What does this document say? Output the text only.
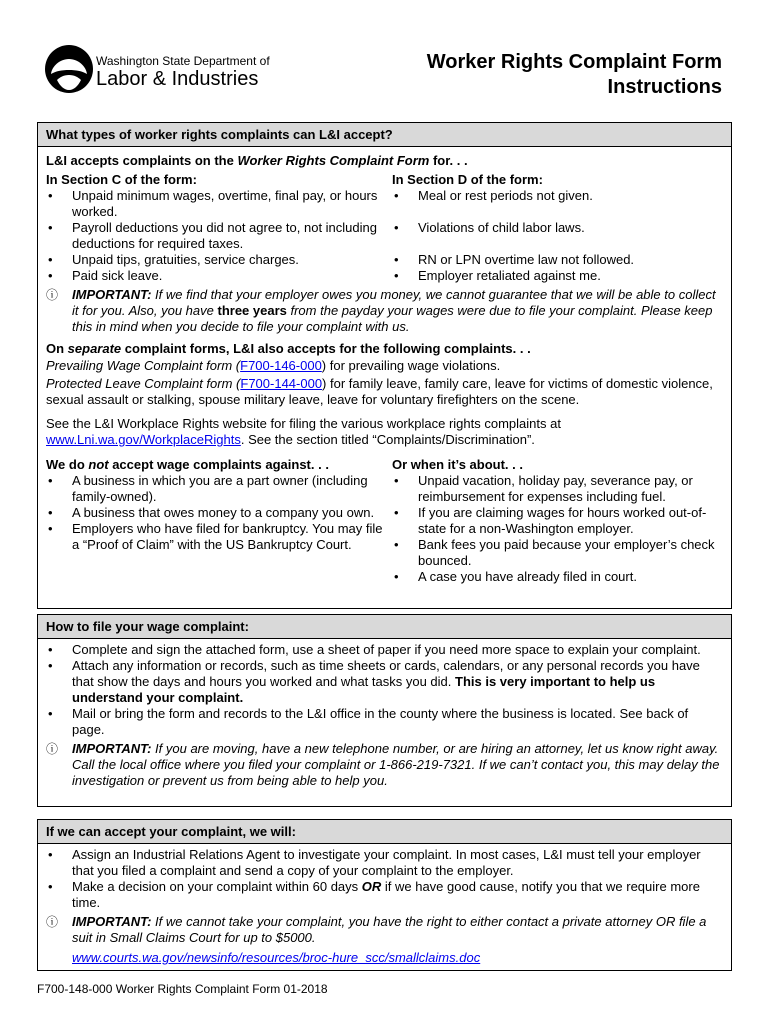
Washington State Department of
Labor & Industries
Worker Rights Complaint Form
Instructions
What types of worker rights complaints can L&I accept?
L&I accepts complaints on the Worker Rights Complaint Form for. . .
In Section C of the form:
• Unpaid minimum wages, overtime, final pay, or hours worked.
• Payroll deductions you did not agree to, not including deductions for required taxes.
• Unpaid tips, gratuities, service charges.
• Paid sick leave.
In Section D of the form:
• Meal or rest periods not given.
• Violations of child labor laws.
• RN or LPN overtime law not followed.
• Employer retaliated against me.
ⓘ IMPORTANT: If we find that your employer owes you money, we cannot guarantee that we will be able to collect it for you. Also, you have three years from the payday your wages were due to file your complaint. Please keep this in mind when you decide to file your complaint with us.
On separate complaint forms, L&I also accepts for the following complaints. . .

Prevailing Wage Complaint form (F700-146-000) for prevailing wage violations.

Protected Leave Complaint form (F700-144-000) for family leave, family care, leave for victims of domestic violence, sexual assault or stalking, spouse military leave, leave for voluntary firefighters on the scene.

See the L&I Workplace Rights website for filing the various workplace rights complaints at www.Lni.wa.gov/WorkplaceRights. See the section titled “Complaints/Discrimination”.

We do not accept wage complaints against. . .
• A business in which you are a part owner (including family-owned).
• A business that owes money to a company you own.
• Employers who have filed for bankruptcy. You may file a “Proof of Claim” with the US Bankruptcy Court.
Or when it’s about. . .
• Unpaid vacation, holiday pay, severance pay, or reimbursement for expenses including fuel.
• If you are claiming wages for hours worked out-of-state for a non-Washington employer.
• Bank fees you paid because your employer’s check bounced.
• A case you have already filed in court.
How to file your wage complaint:
• Complete and sign the attached form, use a sheet of paper if you need more space to explain your complaint.
• Attach any information or records, such as time sheets or cards, calendars, or any personal records you have that show the days and hours you worked and what tasks you did. This is very important to help us understand your complaint.
• Mail or bring the form and records to the L&I office in the county where the business is located. See back of page.
ⓘ IMPORTANT: If you are moving, have a new telephone number, or are hiring an attorney, let us know right away. Call the local office where you filed your complaint or 1-866-219-7321. If we can’t contact you, this may delay the investigation or prevent us from being able to help you.
If we can accept your complaint, we will:
• Assign an Industrial Relations Agent to investigate your complaint. In most cases, L&I must tell your employer that you filed a complaint and send a copy of your complaint to the employer.
• Make a decision on your complaint within 60 days OR if we have good cause, notify you that we require more time.
ⓘ IMPORTANT: If we cannot take your complaint, you have the right to either contact a private attorney OR file a suit in Small Claims Court for up to $5000.
www.courts.wa.gov/newsinfo/resources/broc-hure_scc/smallclaims.doc
F700-148-000 Worker Rights Complaint Form 01-2018
